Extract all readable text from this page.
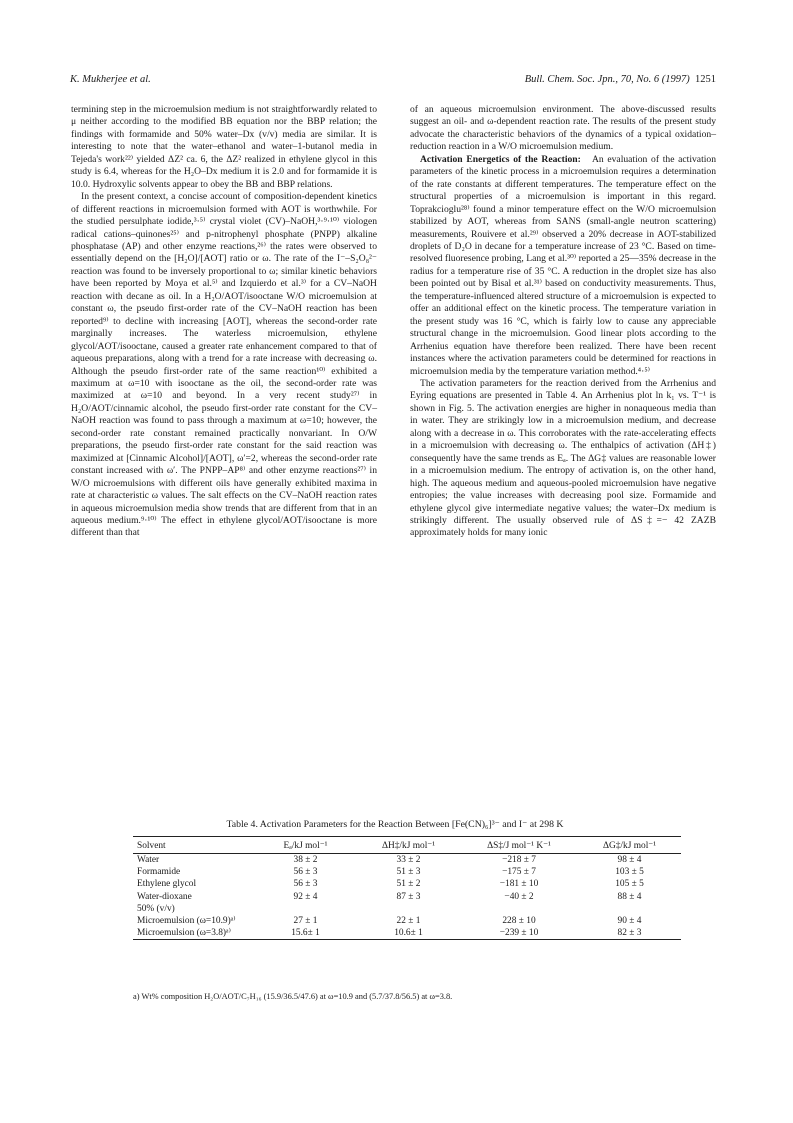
K. Mukherjee et al.	Bull. Chem. Soc. Jpn., 70, No. 6 (1997) 1251

termining step in the microemulsion medium is not straightforwardly related to μ neither according to the modified BB equation nor the BBP relation; the findings with formamide and 50% water–Dx (v/v) media are similar. It is interesting to note that the water–ethanol and water–1-butanol media in Tejeda's work²²⁾ yielded ΔZ² ca. 6, the ΔZ² realized in ethylene glycol in this study is 6.4, whereas for the H₂O–Dx medium it is 2.0 and for formamide it is 10.0. Hydroxylic solvents appear to obey the BB and BBP relations.

In the present context, a concise account of composition-dependent kinetics of different reactions in microemulsion formed with AOT is worthwhile. For the studied persulphate iodide,³·⁵⁾ crystal violet (CV)–NaOH,³·⁹·¹⁰⁾ viologen radical cations–quinones²⁵⁾ and p-nitrophenyl phosphate (PNPP) alkaline phosphatase (AP) and other enzyme reactions,²⁶⁾ the rates were observed to essentially depend on the [H₂O]/[AOT] ratio or ω. The rate of the I⁻–S₂O₈²⁻ reaction was found to be inversely proportional to ω; similar kinetic behaviors have been reported by Moya et al.⁵⁾ and Izquierdo et al.³⁾ for a CV–NaOH reaction with decane as oil. In a H₂O/AOT/isooctane W/O microemulsion at constant ω, the pseudo first-order rate of the CV–NaOH reaction has been reported⁹⁾ to decline with increasing [AOT], whereas the second-order rate marginally increases. The waterless microemulsion, ethylene glycol/AOT/isooctane, caused a greater rate enhancement compared to that of aqueous preparations, along with a trend for a rate increase with decreasing ω. Although the pseudo first-order rate of the same reaction¹⁰⁾ exhibited a maximum at ω=10 with isooctane as the oil, the second-order rate was maximized at ω=10 and beyond. In a very recent study²⁷⁾ in H₂O/AOT/cinnamic alcohol, the pseudo first-order rate constant for the CV–NaOH reaction was found to pass through a maximum at ω=10; however, the second-order rate constant remained practically nonvariant. In O/W preparations, the pseudo first-order rate constant for the said reaction was maximized at [Cinnamic Alcohol]/[AOT], ω′=2, whereas the second-order rate constant increased with ω′. The PNPP–AP⁸⁾ and other enzyme reactions²⁷⁾ in W/O microemulsions with different oils have generally exhibited maxima in rate at characteristic ω values. The salt effects on the CV–NaOH reaction rates in aqueous microemulsion media show trends that are different from that in an aqueous medium.⁹·¹⁰⁾ The effect in ethylene glycol/AOT/isooctane is more different than that

of an aqueous microemulsion environment. The above-discussed results suggest an oil- and ω-dependent reaction rate. The results of the present study advocate the characteristic behaviors of the dynamics of a typical oxidation–reduction reaction in a W/O microemulsion medium.

Activation Energetics of the Reaction: An evaluation of the activation parameters of the kinetic process in a microemulsion requires a determination of the rate constants at different temperatures. The temperature effect on the structural properties of a microemulsion is important in this regard. Toprakcioglu²⁸⁾ found a minor temperature effect on the W/O microemulsion stabilized by AOT, whereas from SANS (small-angle neutron scattering) measurements, Rouivere et al.²⁹⁾ observed a 20% decrease in AOT-stabilized droplets of D₂O in decane for a temperature increase of 23 °C. Based on time-resolved fluoresence probing, Lang et al.³⁰⁾ reported a 25—35% decrease in the radius for a temperature rise of 35 °C. A reduction in the droplet size has also been pointed out by Bisal et al.³¹⁾ based on conductivity measurements. Thus, the temperature-influenced altered structure of a microemulsion is expected to offer an additional effect on the kinetic process. The temperature variation in the present study was 16 °C, which is fairly low to cause any appreciable structural change in the microemulsion. Good linear plots according to the Arrhenius equation have therefore been realized. There have been recent instances where the activation parameters could be determined for reactions in microemulsion media by the temperature variation method.⁴·⁵⁾

The activation parameters for the reaction derived from the Arrhenius and Eyring equations are presented in Table 4. An Arrhenius plot ln k₁ vs. T⁻¹ is shown in Fig. 5. The activation energies are higher in nonaqueous media than in water. They are strikingly low in a microemulsion medium, and decrease along with a decrease in ω. This corroborates with the rate-accelerating effects in a microemulsion with decreasing ω. The enthalpics of activation (ΔH‡) consequently have the same trends as Eₐ. The ΔG‡ values are reasonable lower in a microemulsion medium. The entropy of activation is, on the other hand, high. The aqueous medium and aqueous-pooled microemulsion have negative entropies; the value increases with decreasing pool size. Formamide and ethylene glycol give intermediate negative values; the water–Dx medium is strikingly different. The usually observed rule of ΔS‡=− 42 ZAZB approximately holds for many ionic

Table 4. Activation Parameters for the Reaction Between [Fe(CN)₆]³⁻ and I⁻ at 298 K
Solvent	Eₐ/kJ mol⁻¹	ΔH‡/kJ mol⁻¹	ΔS‡/J mol⁻¹ K⁻¹	ΔG‡/kJ mol⁻¹
Water	38 ± 2	33 ± 2	−218 ± 7	98 ± 4
Formamide	56 ± 3	51 ± 3	−175 ± 7	103 ± 5
Ethylene glycol	56 ± 3	51 ± 2	−181 ± 10	105 ± 5
Water-dioxane	92 ± 4	87 ± 3	−40 ± 2	88 ± 4
50% (v/v)				
Microemulsion (ω=10.9)ᵃ⁾	27 ± 1	22 ± 1	228 ± 10	90 ± 4
Microemulsion (ω=3.8)ᵃ⁾	15.6± 1	10.6± 1	−239 ± 10	82 ± 3
a) Wt% composition H₂O/AOT/C₇H₁₆ (15.9/36.5/47.6) at ω=10.9 and (5.7/37.8/56.5) at ω=3.8.
